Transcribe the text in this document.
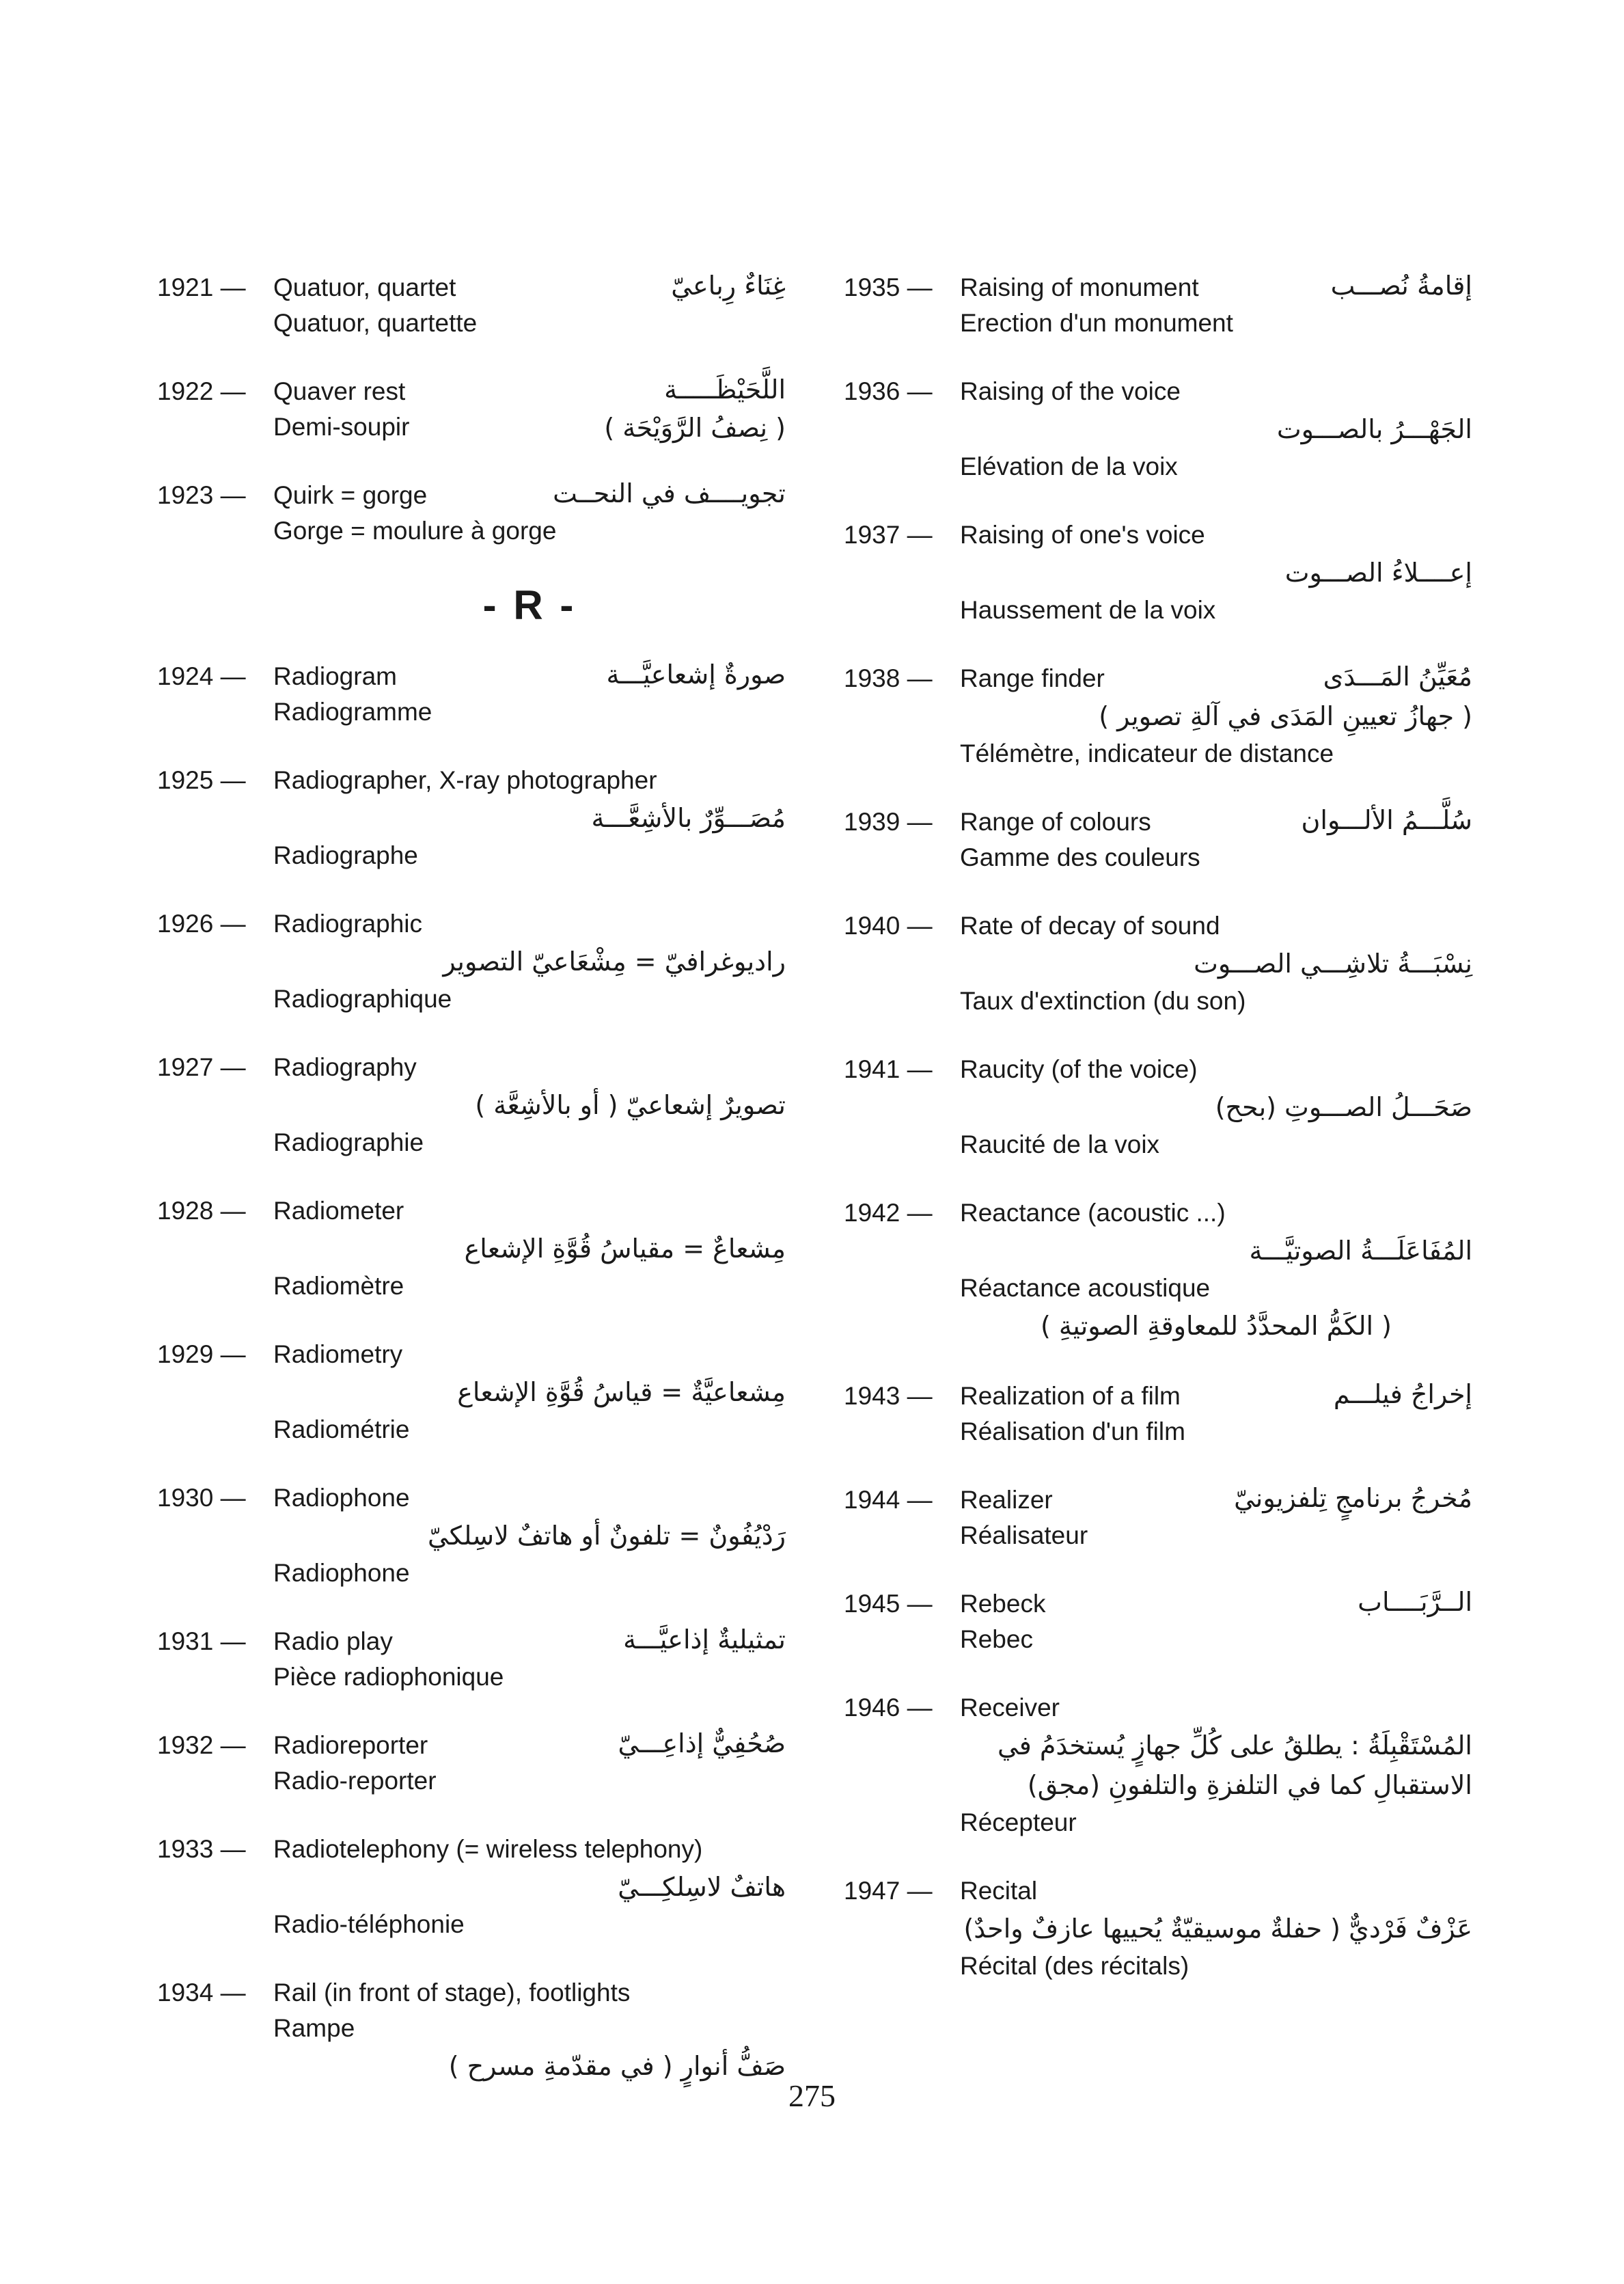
1921 —	Quatuor, quartet
Quatuor, quartette
غِنَاءٌ رِباعيّ
1922 —	Quaver rest
Demi-soupir	( نِصفُ الرَّوَيْحَة )
اللَّحَيْظَـــــة
1923 —	Quirk = gorge
Gorge = moulure à gorge
تجويــــف في النحــت
- R -
1924 —	Radiogram
Radiogramme
صورةٌ إشعاعيَّـــة
1925 —	Radiographer, X-ray photographer
مُصَـــوِّرٌ بالأشِعَّـــة
Radiographe
1926 —	Radiographic
راديوغرافيّ = مِشْعَاعيّ التصوير
Radiographique
1927 —	Radiography
تصويرٌ إشعاعيّ ( أو بالأشِعَّة )
Radiographie
1928 —	Radiometer
مِشعاعٌ = مقياسُ قُوَّةِ الإشعاع
Radiomètre
1929 —	Radiometry
مِشعاعيَّةٌ = قياسُ قُوَّةِ الإشعاع
Radiométrie
1930 —	Radiophone
رَدْيُفُونٌ = تلفونٌ أو هاتفٌ لاسِلكيّ
Radiophone
1931 —	Radio play
Pièce radiophonique
تمثيليةٌ إذاعيَّـــة
1932 —	Radioreporter
Radio-reporter
صُحُفِيٌّ إذاعِـــيّ
1933 —	Radiotelephony (= wireless telephony)
هاتفٌ لاسِلكِـــيّ
Radio-téléphonie
1934 —	Rail (in front of stage), footlights
Rampe
صَفُّ أنوارٍ ( في مقدّمةِ مسرح )
1935 —	Raising of monument
Erection d'un monument
إقامةُ نُصـــب
1936 —	Raising of the voice
الجَهْـــرُ بالصـــوت
Elévation de la voix
1937 —	Raising of one's voice
إعــــلاءُ الصـــوت
Haussement de la voix
1938 —	Range finder
( جهازُ تعيينِ المَدَى في آلةِ تصوير )
Télémètre, indicateur de distance
مُعَيِّنُ المَـــدَى
1939 —	Range of colours
Gamme des couleurs
سُلَّـــمُ الألـــوان
1940 —	Rate of decay of sound
نِسْبَـــةُ تلاشِـــي الصـــوت
Taux d'extinction (du son)
1941 —	Raucity (of the voice)
صَحَـــلُ الصـــوتِ (بحح)
Raucité de la voix
1942 —	Reactance (acoustic ...)
المُفَاعَلَـــةُ الصوتيَّـــة
Réactance acoustique
( الكَمُّ المحدَّدُ للمعاوقةِ الصوتيةِ )
1943 —	Realization of a film
Réalisation d'un film
إخراجُ فيلـــم
1944 —	Realizer
Réalisateur
مُخرجُ برنامجٍ تِلفزيونيّ
1945 —	Rebeck
Rebec
الــرَّبَــــاب
1946 —	Receiver
المُسْتَقْبِلَةُ : يطلقُ على كُلِّ جهازٍ يُستخدَمُ في
الاستقبالِ كما في التلفزةِ والتلفونِ (مجق)
Récepteur
1947 —	Recital
عَزْفٌ فَرْديٌّ ( حفلةٌ موسيقيّةٌ يُحييها عازفٌ واحدٌ)
Récital (des récitals)
275
